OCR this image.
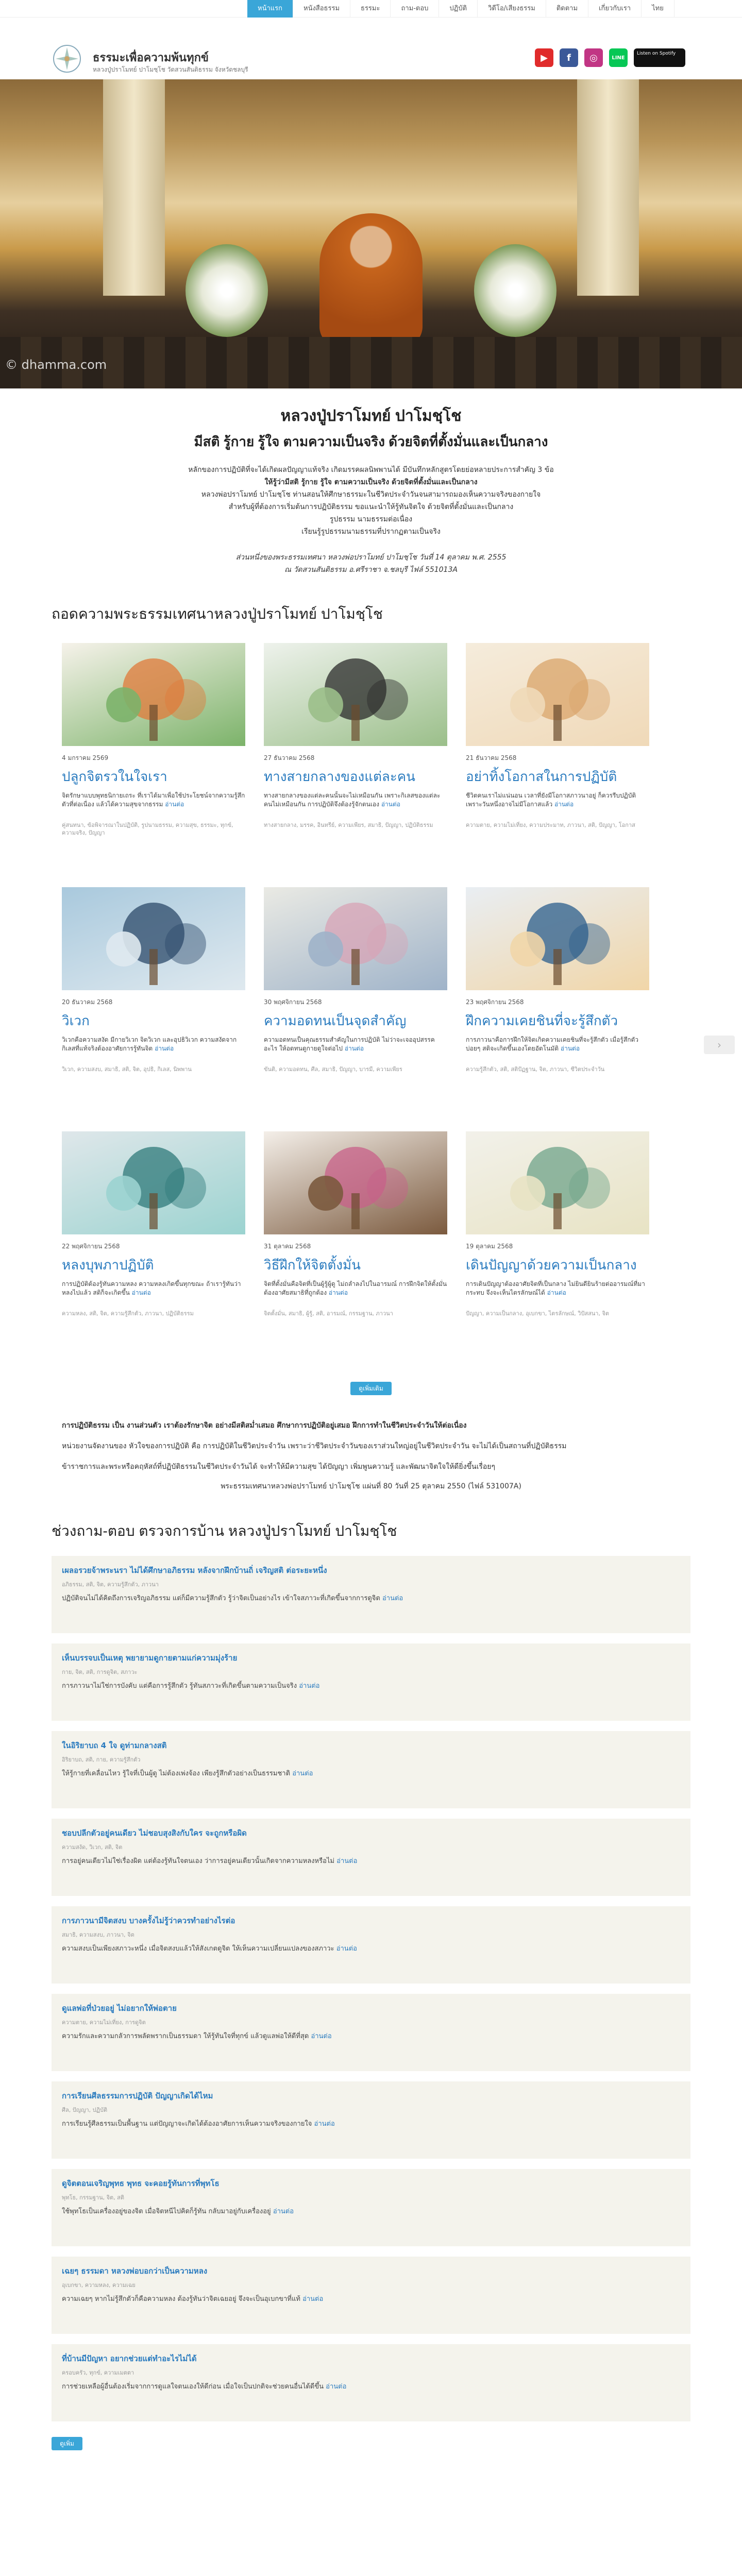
หน้าแรก	หนังสือธรรม	ธรรมะ	ถาม-ตอบ	ปฏิบัติ	วิดีโอ/เสียงธรรม	ติดตาม	เกี่ยวกับเรา	ไทย
ธรรมะเพื่อความพ้นทุกข์
หลวงปู่ปราโมทย์ ปาโมชฺโช วัดสวนสันติธรรม จังหวัดชลบุรี
▶	f	◎	LINE
Listen on Spotify
© dhamma.com
หลวงปู่ปราโมทย์ ปาโมชฺโช
มีสติ รู้กาย รู้ใจ ตามความเป็นจริง ด้วยจิตที่ตั้งมั่นและเป็นกลาง

หลักของการปฏิบัติที่จะได้เกิดผลปัญญาแท้จริง เกิดมรรคผลนิพพานได้ มีบันทึกหลักสูตรโดยย่อหลายประการสำคัญ 3 ข้อ

ให้รู้ว่ามีสติ รู้กาย รู้ใจ ตามความเป็นจริง ด้วยจิตที่ตั้งมั่นและเป็นกลาง

หลวงพ่อปราโมทย์ ปาโมชฺโช ท่านสอนให้ศึกษาธรรมะในชีวิตประจำวันจนสามารถมองเห็นความจริงของกายใจ

สำหรับผู้ที่ต้องการเริ่มต้นการปฏิบัติธรรม ขอแนะนำให้รู้ทันจิตใจ ด้วยจิตที่ตั้งมั่นและเป็นกลาง

รูปธรรม นามธรรมต่อเนื่อง

เรียนรู้รูปธรรมนามธรรมที่ปรากฏตามเป็นจริง

ส่วนหนึ่งของพระธรรมเทศนา หลวงพ่อปราโมทย์ ปาโมชฺโช วันที่ 14 ตุลาคม พ.ศ. 2555

ณ วัดสวนสันติธรรม อ.ศรีราชา จ.ชลบุรี ไฟล์ 551013A

ถอดความพระธรรมเทศนาหลวงปู่ปราโมทย์ ปาโมชฺโช
4 มกราคม 2569
ปลูกจิตรวในใจเรา
จิตรักษาแบบพุทธนิกายเถระ ที่เราได้มาเพื่อใช้ประโยชน์จากความรู้สึกตัวที่ต่อเนื่อง แล้วได้ความสุขจากธรรม อ่านต่อ
คู่สนทนา, ข้อพิจารณาในปฏิบัติ, รูปนามธรรม, ความสุข, ธรรมะ, ทุกข์, ความจริง, ปัญญา
27 ธันวาคม 2568
ทางสายกลางของแต่ละคน
ทางสายกลางของแต่ละคนนั้นจะไม่เหมือนกัน เพราะกิเลสของแต่ละคนไม่เหมือนกัน การปฏิบัติจึงต้องรู้จักตนเอง อ่านต่อ
ทางสายกลาง, มรรค, อินทรีย์, ความเพียร, สมาธิ, ปัญญา, ปฏิบัติธรรม
21 ธันวาคม 2568
อย่าทิ้งโอกาสในการปฏิบัติ
ชีวิตคนเราไม่แน่นอน เวลาที่ยังมีโอกาสภาวนาอยู่ ก็ควรรีบปฏิบัติ เพราะวันหนึ่งอาจไม่มีโอกาสแล้ว อ่านต่อ
ความตาย, ความไม่เที่ยง, ความประมาท, ภาวนา, สติ, ปัญญา, โอกาส
20 ธันวาคม 2568
วิเวก
วิเวกคือความสงัด มีกายวิเวก จิตวิเวก และอุปธิวิเวก ความสงัดจากกิเลสที่แท้จริงต้องอาศัยการรู้ทันจิต อ่านต่อ
วิเวก, ความสงบ, สมาธิ, สติ, จิต, อุปธิ, กิเลส, นิพพาน
30 พฤศจิกายน 2568
ความอดทนเป็นจุดสำคัญ
ความอดทนเป็นคุณธรรมสำคัญในการปฏิบัติ ไม่ว่าจะเจออุปสรรคอะไร ให้อดทนดูกายดูใจต่อไป อ่านต่อ
ขันติ, ความอดทน, ศีล, สมาธิ, ปัญญา, บารมี, ความเพียร
23 พฤศจิกายน 2568
ฝึกความเคยชินที่จะรู้สึกตัว
การภาวนาคือการฝึกให้จิตเกิดความเคยชินที่จะรู้สึกตัว เมื่อรู้สึกตัวบ่อยๆ สติจะเกิดขึ้นเองโดยอัตโนมัติ อ่านต่อ
ความรู้สึกตัว, สติ, สติปัฏฐาน, จิต, ภาวนา, ชีวิตประจำวัน
22 พฤศจิกายน 2568
หลงบุพภาปฏิบัติ
การปฏิบัติต้องรู้ทันความหลง ความหลงเกิดขึ้นทุกขณะ ถ้าเรารู้ทันว่าหลงไปแล้ว สติก็จะเกิดขึ้น อ่านต่อ
ความหลง, สติ, จิต, ความรู้สึกตัว, ภาวนา, ปฏิบัติธรรม
31 ตุลาคม 2568
วิธีฝึกให้จิตตั้งมั่น
จิตที่ตั้งมั่นคือจิตที่เป็นผู้รู้ผู้ดู ไม่ถลำลงไปในอารมณ์ การฝึกจิตให้ตั้งมั่นต้องอาศัยสมาธิที่ถูกต้อง อ่านต่อ
จิตตั้งมั่น, สมาธิ, ผู้รู้, สติ, อารมณ์, กรรมฐาน, ภาวนา
19 ตุลาคม 2568
เดินปัญญาด้วยความเป็นกลาง
การเดินปัญญาต้องอาศัยจิตที่เป็นกลาง ไม่ยินดียินร้ายต่ออารมณ์ที่มากระทบ จึงจะเห็นไตรลักษณ์ได้ อ่านต่อ
ปัญญา, ความเป็นกลาง, อุเบกขา, ไตรลักษณ์, วิปัสสนา, จิต
ดูเพิ่มเติม

การปฏิบัติธรรม เป็น งานส่วนตัว เราต้องรักษาจิต อย่างมีสติสม่ำเสมอ ศึกษาการปฏิบัติอยู่เสมอ ฝึกการทำในชีวิตประจำวันให้ต่อเนื่อง

หน่วยงานจัดงานของ หัวใจของการปฏิบัติ คือ การปฏิบัติในชีวิตประจำวัน เพราะว่าชีวิตประจำวันของเราส่วนใหญ่อยู่ในชีวิตประจำวัน จะไม่ได้เป็นสถานที่ปฏิบัติธรรม

ข้าราชการและพระหรือคฤหัสถ์ที่ปฏิบัติธรรมในชีวิตประจำวันได้ จะทำให้มีความสุข ได้ปัญญา เพิ่มพูนความรู้ และพัฒนาจิตใจให้ดียิ่งขึ้นเรื่อยๆ

พระธรรมเทศนาหลวงพ่อปราโมทย์ ปาโมชฺโช แผ่นที่ 80 วันที่ 25 ตุลาคม 2550 (ไฟล์ 531007A)

ช่วงถาม-ตอบ ตรวจการบ้าน หลวงปู่ปราโมทย์ ปาโมชฺโช
เผลอรวยจ้าพระนรา ไม่ได้ศึกษาอภิธรรม หลังจากฝึกบ้านถิ่ เจริญสติ ต่อระยะหนึ่ง
อภิธรรม, สติ, จิต, ความรู้สึกตัว, ภาวนา
ปฏิบัติจนไม่ได้คิดถึงการเจริญอภิธรรม แต่ก็มีความรู้สึกตัว รู้ว่าจิตเป็นอย่างไร เข้าใจสภาวะที่เกิดขึ้นจากการดูจิต อ่านต่อ
เห็นบรรจบเป็นเหตุ พยายามดูกายตามแก่ความมุ่งร้าย
กาย, จิต, สติ, การดูจิต, สภาวะ
การภาวนาไม่ใช่การบังคับ แต่คือการรู้สึกตัว รู้ทันสภาวะที่เกิดขึ้นตามความเป็นจริง อ่านต่อ
ในอิริยาบถ 4 ใจ ดูท่ามกลางสติ
อิริยาบถ, สติ, กาย, ความรู้สึกตัว
ให้รู้กายที่เคลื่อนไหว รู้ใจที่เป็นผู้ดู ไม่ต้องเพ่งจ้อง เพียงรู้สึกตัวอย่างเป็นธรรมชาติ อ่านต่อ
ชอบปลีกตัวอยู่คนเดียว ไม่ชอบสุงสิงกับใคร จะถูกหรือผิด
ความสงัด, วิเวก, สติ, จิต
การอยู่คนเดียวไม่ใช่เรื่องผิด แต่ต้องรู้ทันใจตนเอง ว่าการอยู่คนเดียวนั้นเกิดจากความหลงหรือไม่ อ่านต่อ
การภาวนามีจิตสงบ บางครั้งไม่รู้ว่าควรทำอย่างไรต่อ
สมาธิ, ความสงบ, ภาวนา, จิต
ความสงบเป็นเพียงสภาวะหนึ่ง เมื่อจิตสงบแล้วให้สังเกตดูจิต ให้เห็นความเปลี่ยนแปลงของสภาวะ อ่านต่อ
ดูแลพ่อที่ป่วยอยู่ ไม่อยากให้พ่อตาย
ความตาย, ความไม่เที่ยง, การดูจิต
ความรักและความกลัวการพลัดพรากเป็นธรรมดา ให้รู้ทันใจที่ทุกข์ แล้วดูแลพ่อให้ดีที่สุด อ่านต่อ
การเรียนศีลธรรมการปฏิบัติ ปัญญาเกิดได้ไหม
ศีล, ปัญญา, ปฏิบัติ
การเรียนรู้ศีลธรรมเป็นพื้นฐาน แต่ปัญญาจะเกิดได้ต้องอาศัยการเห็นความจริงของกายใจ อ่านต่อ
ดูจิตตอนเจริญพุทธ พุทธ จะคอยรู้ทันการที่พุทโธ
พุทโธ, กรรมฐาน, จิต, สติ
ใช้พุทโธเป็นเครื่องอยู่ของจิต เมื่อจิตหนีไปคิดก็รู้ทัน กลับมาอยู่กับเครื่องอยู่ อ่านต่อ
เฉยๆ ธรรมดา หลวงพ่อบอกว่าเป็นความหลง
อุเบกขา, ความหลง, ความเฉย
ความเฉยๆ หากไม่รู้สึกตัวก็คือความหลง ต้องรู้ทันว่าจิตเฉยอยู่ จึงจะเป็นอุเบกขาที่แท้ อ่านต่อ
ที่บ้านมีปัญหา อยากช่วยแต่ทำอะไรไม่ได้
ครอบครัว, ทุกข์, ความเมตตา
การช่วยเหลือผู้อื่นต้องเริ่มจากการดูแลใจตนเองให้ดีก่อน เมื่อใจเป็นปกติจะช่วยคนอื่นได้ดีขึ้น อ่านต่อ
ดูเพิ่ม
›
